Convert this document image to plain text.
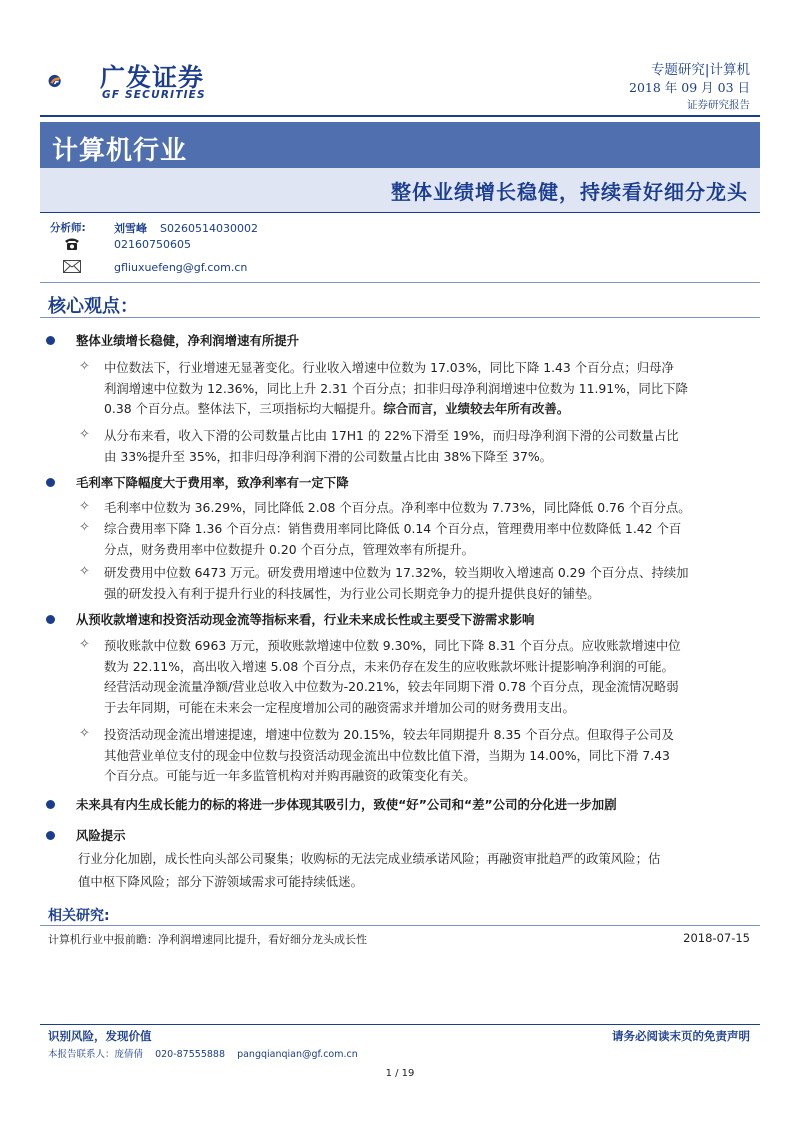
广发证券
GF SECURITIES
专题研究|计算机
2018 年 09 月 03 日
证券研究报告
计算机行业
整体业绩增长稳健，持续看好细分龙头
分析师:	刘雪峰 S0260514030002
02160750605
gfliuxuefeng@gf.com.cn
核心观点：
整体业绩增长稳健，净利润增速有所提升
✧ 中位数法下，行业增速无显著变化。行业收入增速中位数为 17.03%，同比下降 1.43 个百分点；归母净
利润增速中位数为 12.36%，同比上升 2.31 个百分点；扣非归母净利润增速中位数为 11.91%，同比下降
0.38 个百分点。整体法下，三项指标均大幅提升。综合而言，业绩较去年所有改善。
✧ 从分布来看，收入下滑的公司数量占比由 17H1 的 22%下滑至 19%，而归母净利润下滑的公司数量占比
由 33%提升至 35%，扣非归母净利润下滑的公司数量占比由 38%下降至 37%。
毛利率下降幅度大于费用率，致净利率有一定下降
✧ 毛利率中位数为 36.29%，同比降低 2.08 个百分点。净利率中位数为 7.73%，同比降低 0.76 个百分点。
✧ 综合费用率下降 1.36 个百分点：销售费用率同比降低 0.14 个百分点，管理费用率中位数降低 1.42 个百
分点，财务费用率中位数提升 0.20 个百分点，管理效率有所提升。
✧ 研发费用中位数 6473 万元。研发费用增速中位数为 17.32%，较当期收入增速高 0.29 个百分点、持续加
强的研发投入有利于提升行业的科技属性，为行业公司长期竞争力的提升提供良好的铺垫。
从预收款增速和投资活动现金流等指标来看，行业未来成长性或主要受下游需求影响
✧ 预收账款中位数 6963 万元，预收账款增速中位数 9.30%，同比下降 8.31 个百分点。应收账款增速中位
数为 22.11%，高出收入增速 5.08 个百分点，未来仍存在发生的应收账款坏账计提影响净利润的可能。
经营活动现金流量净额/营业总收入中位数为-20.21%，较去年同期下滑 0.78 个百分点，现金流情况略弱
于去年同期，可能在未来会一定程度增加公司的融资需求并增加公司的财务费用支出。
✧ 投资活动现金流出增速提速，增速中位数为 20.15%，较去年同期提升 8.35 个百分点。但取得子公司及
其他营业单位支付的现金中位数与投资活动现金流出中位数比值下滑，当期为 14.00%，同比下滑 7.43
个百分点。可能与近一年多监管机构对并购再融资的政策变化有关。
未来具有内生成长能力的标的将进一步体现其吸引力，致使“好”公司和“差”公司的分化进一步加剧
风险提示
行业分化加剧，成长性向头部公司聚集；收购标的无法完成业绩承诺风险；再融资审批趋严的政策风险；估
值中枢下降风险；部分下游领域需求可能持续低迷。
相关研究:
计算机行业中报前瞻：净利润增速同比提升，看好细分龙头成长性	2018-07-15
识别风险，发现价值	请务必阅读末页的免责声明
本报告联系人：庞倩倩    020-87555888    pangqianqian@gf.com.cn
1 / 19
